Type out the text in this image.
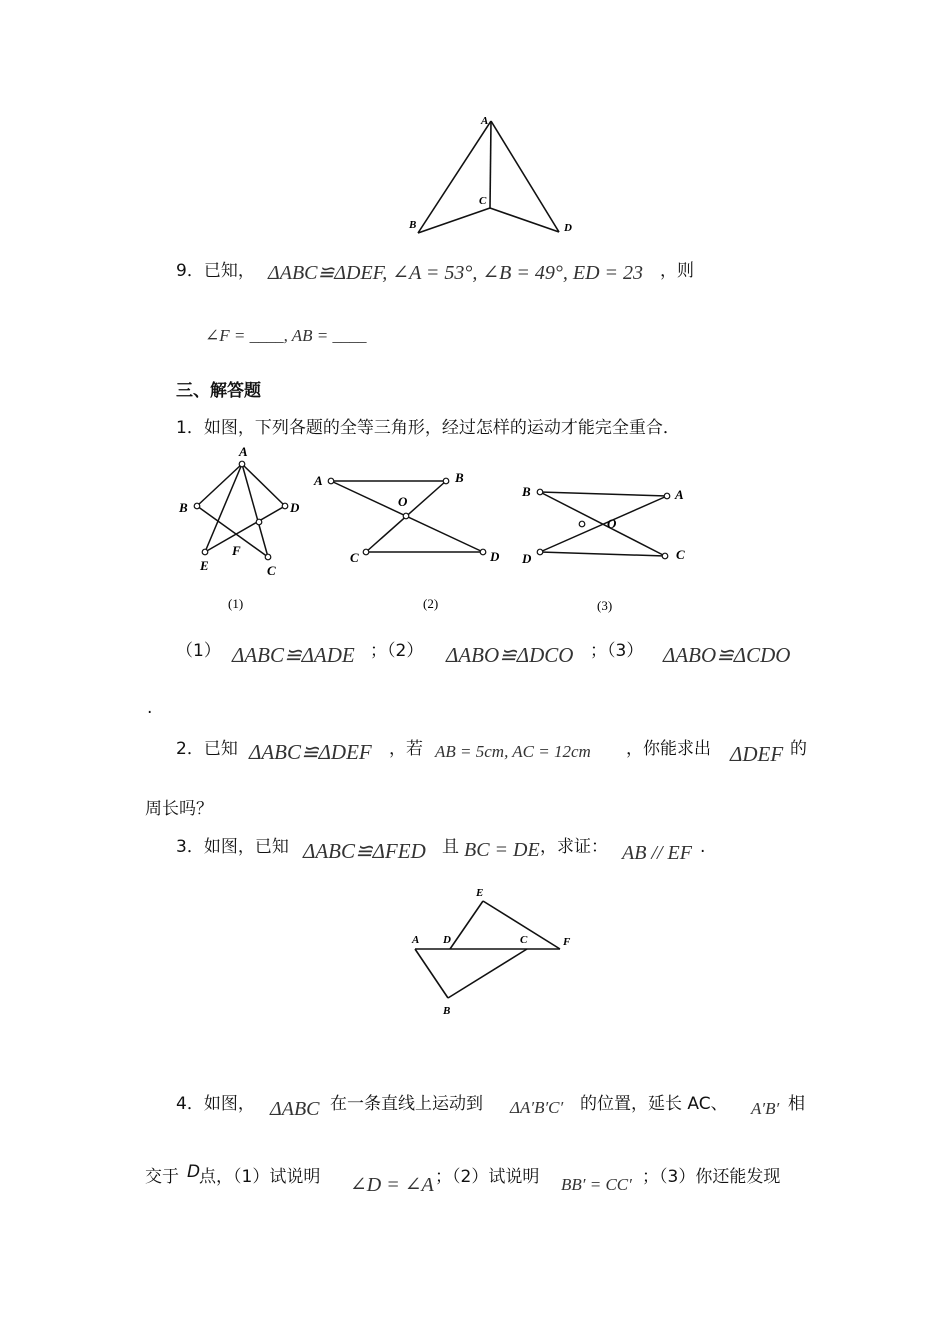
A
B
C
D
9．已知， ΔABC≌ΔDEF, ∠A = 53°, ∠B = 49°, ED = 23 ，则
∠F = ____, AB = ____
三、解答题
1．如图，下列各题的全等三角形，经过怎样的运动才能完全重合．
A
B	D
E
F
C
(1)
A	B
O
C	D
(2)
B	A
O
D	C
(3)
（1） ΔABC≌ΔADE ；（2） ΔABO≌ΔDCO ；（3） ΔABO≌ΔCDO
.
2．已知 ΔABC≌ΔDEF ，若 AB = 5cm, AC = 12cm ，你能求出 ΔDEF 的
周长吗？
3．如图，已知 ΔABC≌ΔFED 且 BC = DE ，求证： AB // EF ·
E
A D	C	F
B
4．如图， ΔABC 在一条直线上运动到 ΔA′B′C′ 的位置，延长 AC、 A′B′ 相
交于 D
点，（1）试说明 ∠D = ∠A ；（2）试说明 BB′ = CC′ ；（3）你还能发现
